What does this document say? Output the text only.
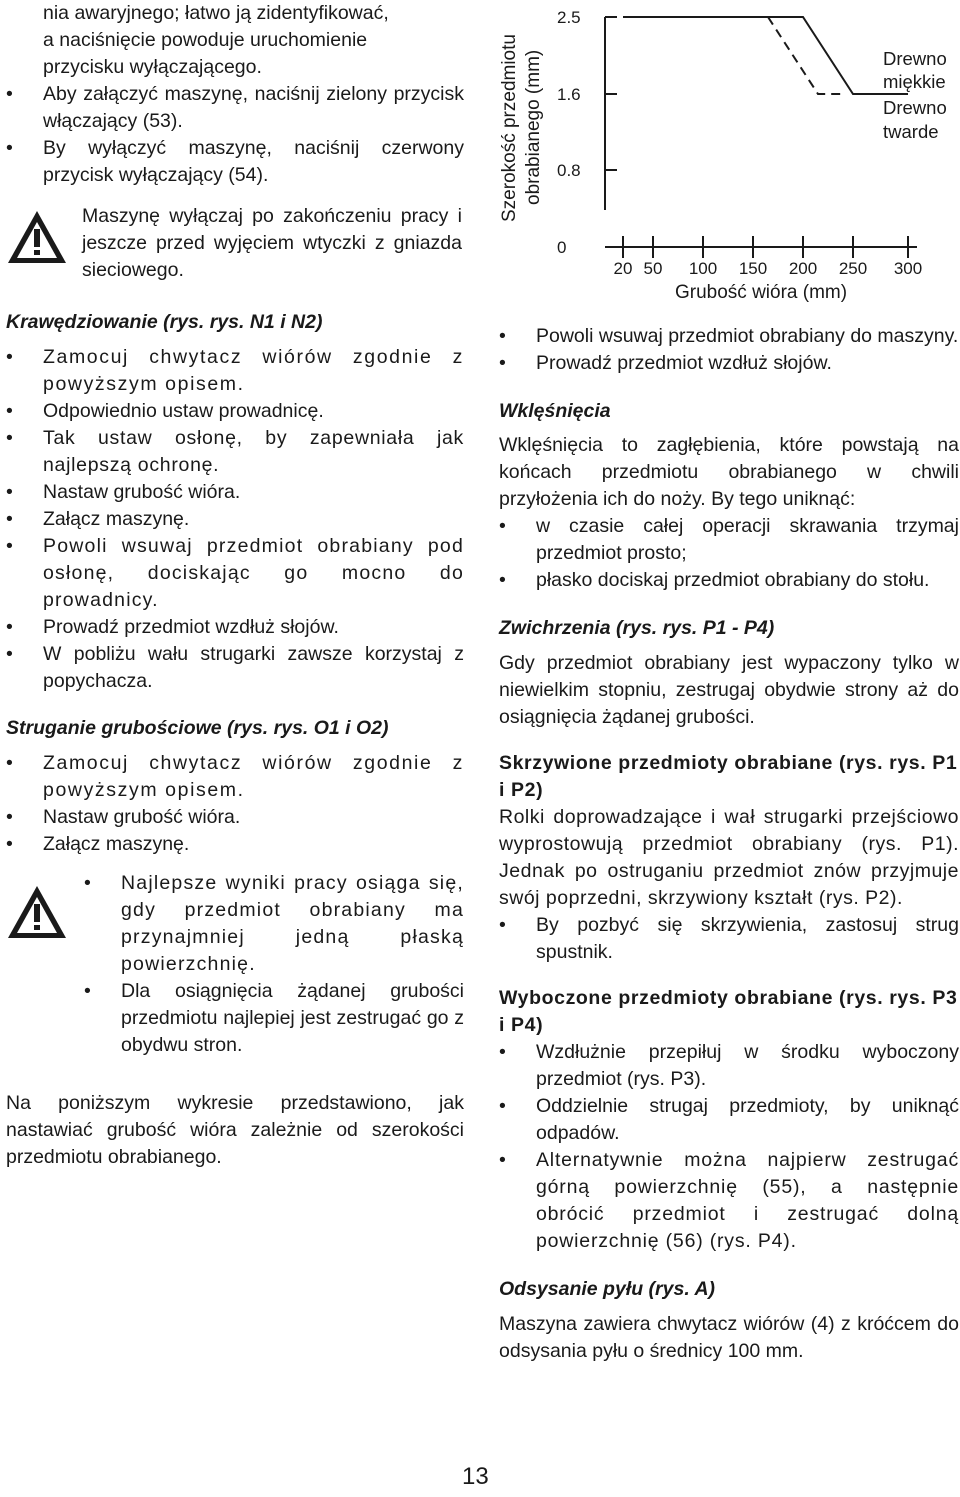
nia awaryjnego; łatwo ją zidentyfikować,

a naciśnięcie powoduje uruchomienie

przycisku wyłączającego.

• Aby załączyć maszynę, naciśnij zielony przycisk włączający (53).
• By wyłączyć maszynę, naciśnij czerwony przycisk wyłączający (54).

Maszynę wyłączaj po zakończeniu pracy i jeszcze przed wyjęciem wtyczki z gniazda sieciowego.

Krawędziowanie (rys. rys. N1 i N2)

• Zamocuj chwytacz wiórów zgodnie z powyższym opisem.
• Odpowiednio ustaw prowadnicę.
• Tak ustaw osłonę, by zapewniała jak najlepszą ochronę.
• Nastaw grubość wióra.
• Załącz maszynę.
• Powoli wsuwaj przedmiot obrabiany pod osłonę, dociskając go mocno do prowadnicy.
• Prowadź przedmiot wzdłuż słojów.
• W pobliżu wału strugarki zawsze korzystaj z popychacza.

Struganie grubościowe (rys. rys. O1 i O2)

• Zamocuj chwytacz wiórów zgodnie z powyższym opisem.
• Nastaw grubość wióra.
• Załącz maszynę.
• Najlepsze wyniki pracy osiąga się, gdy przedmiot obrabiany ma przynajmniej jedną płaską powierzchnię.
• Dla osiągnięcia żądanej grubości przedmiotu najlepiej jest zestrugać go z obydwu stron.

Na poniższym wykresie przedstawiono, jak nastawiać grubość wióra zależnie od szerokości przedmiotu obrabianego.

Szerokość przedmiotu obrabianego (mm)
2.5
1.6
0.8
0
20 50 100 150 200 250 300
Drewno
miękkie
Drewno
twarde
Grubość wióra (mm)
• Powoli wsuwaj przedmiot obrabiany do maszyny.
• Prowadź przedmiot wzdłuż słojów.

Wklęśnięcia

Wklęśnięcia to zagłębienia, które powstają na końcach przedmiotu obrabianego w chwili przyłożenia ich do noży. By tego uniknąć:

• w czasie całej operacji skrawania trzymaj przedmiot prosto;
• płasko dociskaj przedmiot obrabiany do stołu.

Zwichrzenia (rys. rys. P1 - P4)

Gdy przedmiot obrabiany jest wypaczony tylko w niewielkim stopniu, zestrugaj obydwie strony aż do osiągnięcia żądanej grubości.

Skrzywione przedmioty obrabiane (rys. rys. P1 i P2)

Rolki doprowadzające i wał strugarki przejściowo wyprostowują przedmiot obrabiany (rys. P1). Jednak po ostruganiu przedmiot znów przyjmuje swój poprzedni, skrzywiony kształt (rys. P2).

• By pozbyć się skrzywienia, zastosuj strug spustnik.

Wyboczone przedmioty obrabiane (rys. rys. P3 i P4)

• Wzdłużnie przepiłuj w środku wyboczony przedmiot (rys. P3).
• Oddzielnie strugaj przedmioty, by uniknąć odpadów.
• Alternatywnie można najpierw zestrugać górną powierzchnię (55), a następnie obrócić przedmiot i zestrugać dolną powierzchnię (56) (rys. P4).

Odsysanie pyłu (rys. A)

Maszyna zawiera chwytacz wiórów (4) z króćcem do odsysania pyłu o średnicy 100 mm.

13
